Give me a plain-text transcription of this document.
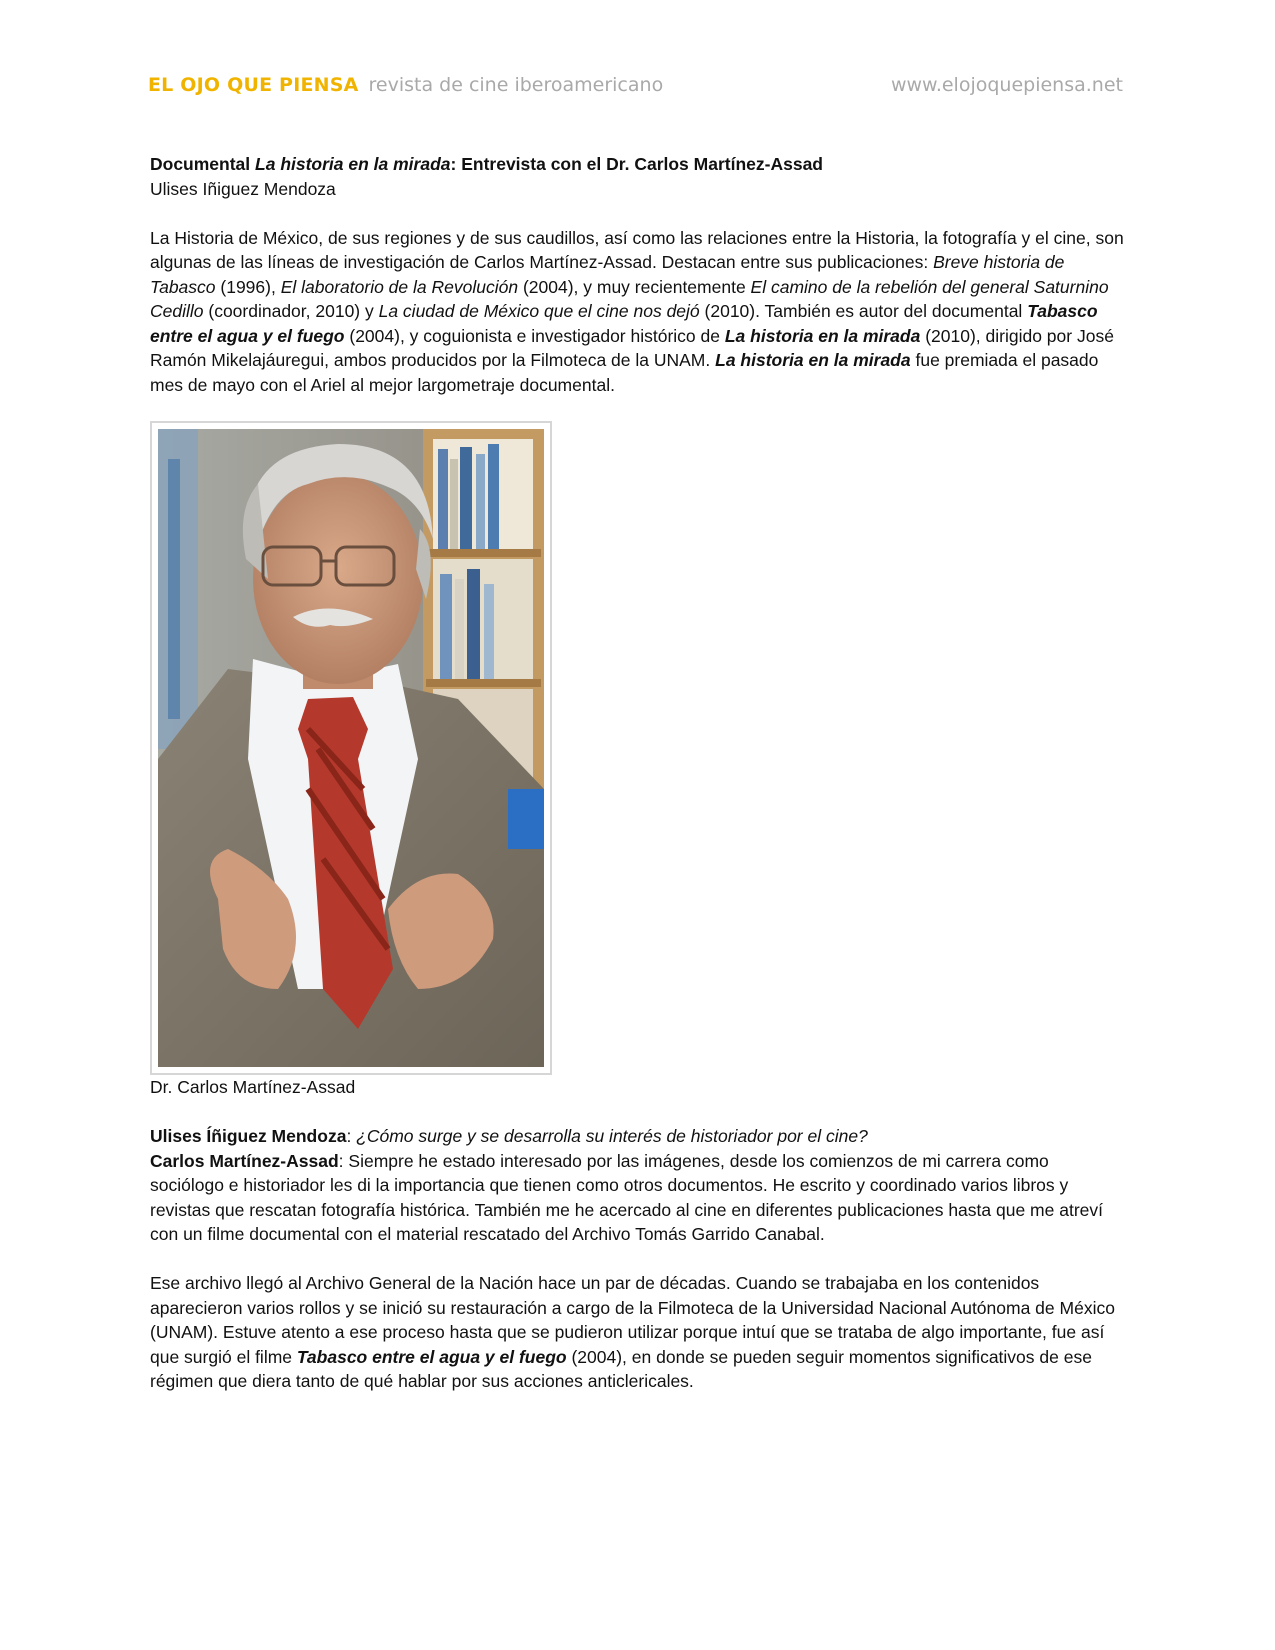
EL OJO QUE PIENSA revista de cine iberoamericano	www.elojoquepiensa.net

Documental La historia en la mirada: Entrevista con el Dr. Carlos Martínez-Assad

Ulises Iñiguez Mendoza

La Historia de México, de sus regiones y de sus caudillos, así como las relaciones entre la Historia, la fotografía y el cine, son algunas de las líneas de investigación de Carlos Martínez-Assad. Destacan entre sus publicaciones: Breve historia de Tabasco (1996), El laboratorio de la Revolución (2004), y muy recientemente El camino de la rebelión del general Saturnino Cedillo (coordinador, 2010) y La ciudad de México que el cine nos dejó (2010). También es autor del documental Tabasco entre el agua y el fuego (2004), y coguionista e investigador histórico de La historia en la mirada (2010), dirigido por José Ramón Mikelajáuregui, ambos producidos por la Filmoteca de la UNAM. La historia en la mirada fue premiada el pasado mes de mayo con el Ariel al mejor largometraje documental.

Dr. Carlos Martínez-Assad

Ulises Íñiguez Mendoza: ¿Cómo surge y se desarrolla su interés de historiador por el cine?

Carlos Martínez-Assad: Siempre he estado interesado por las imágenes, desde los comienzos de mi carrera como sociólogo e historiador les di la importancia que tienen como otros documentos. He escrito y coordinado varios libros y revistas que rescatan fotografía histórica. También me he acercado al cine en diferentes publicaciones hasta que me atreví con un filme documental con el material rescatado del Archivo Tomás Garrido Canabal.

Ese archivo llegó al Archivo General de la Nación hace un par de décadas. Cuando se trabajaba en los contenidos aparecieron varios rollos y se inició su restauración a cargo de la Filmoteca de la Universidad Nacional Autónoma de México (UNAM). Estuve atento a ese proceso hasta que se pudieron utilizar porque intuí que se trataba de algo importante, fue así que surgió el filme Tabasco entre el agua y el fuego (2004), en donde se pueden seguir momentos significativos de ese régimen que diera tanto de qué hablar por sus acciones anticlericales.
